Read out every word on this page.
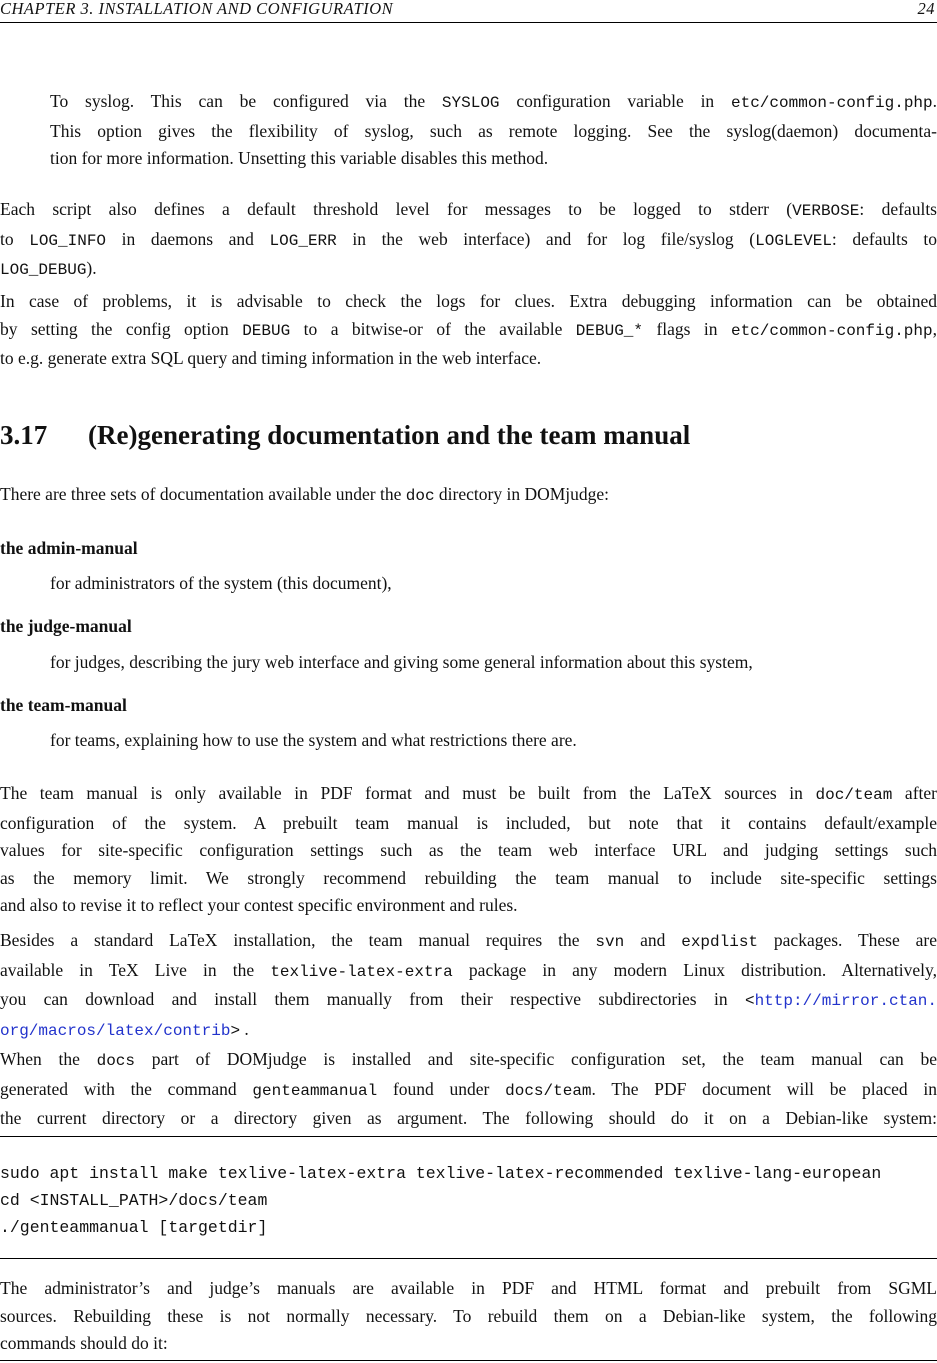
CHAPTER 3. INSTALLATION AND CONFIGURATION	24
To syslog. This can be configured via the SYSLOG configuration variable in etc/common-config.php.
This option gives the flexibility of syslog, such as remote logging. See the syslog(daemon) documenta-
tion for more information. Unsetting this variable disables this method.
Each script also defines a default threshold level for messages to be logged to stderr (VERBOSE: defaults
to LOG_INFO in daemons and LOG_ERR in the web interface) and for log file/syslog (LOGLEVEL: defaults to
LOG_DEBUG).
In case of problems, it is advisable to check the logs for clues. Extra debugging information can be obtained
by setting the config option DEBUG to a bitwise-or of the available DEBUG_* flags in etc/common-config.php,
to e.g. generate extra SQL query and timing information in the web interface.
3.17 (Re)generating documentation and the team manual
There are three sets of documentation available under the doc directory in DOMjudge:
the admin-manual
for administrators of the system (this document),
the judge-manual
for judges, describing the jury web interface and giving some general information about this system,
the team-manual
for teams, explaining how to use the system and what restrictions there are.
The team manual is only available in PDF format and must be built from the LaTeX sources in doc/team after
configuration of the system. A prebuilt team manual is included, but note that it contains default/example
values for site-specific configuration settings such as the team web interface URL and judging settings such
as the memory limit. We strongly recommend rebuilding the team manual to include site-specific settings
and also to revise it to reflect your contest specific environment and rules.
Besides a standard LaTeX installation, the team manual requires the svn and expdlist packages. These are
available in TeX Live in the texlive-latex-extra package in any modern Linux distribution. Alternatively,
you can download and install them manually from their respective subdirectories in <http://mirror.ctan.
org/macros/latex/contrib> .
When the docs part of DOMjudge is installed and site-specific configuration set, the team manual can be
generated with the command genteammanual found under docs/team. The PDF document will be placed in
the current directory or a directory given as argument. The following should do it on a Debian-like system:
sudo apt install make texlive-latex-extra texlive-latex-recommended texlive-lang-european
cd <INSTALL_PATH>/docs/team
./genteammanual [targetdir]
The administrator’s and judge’s manuals are available in PDF and HTML format and prebuilt from SGML
sources. Rebuilding these is not normally necessary. To rebuild them on a Debian-like system, the following
commands should do it:
